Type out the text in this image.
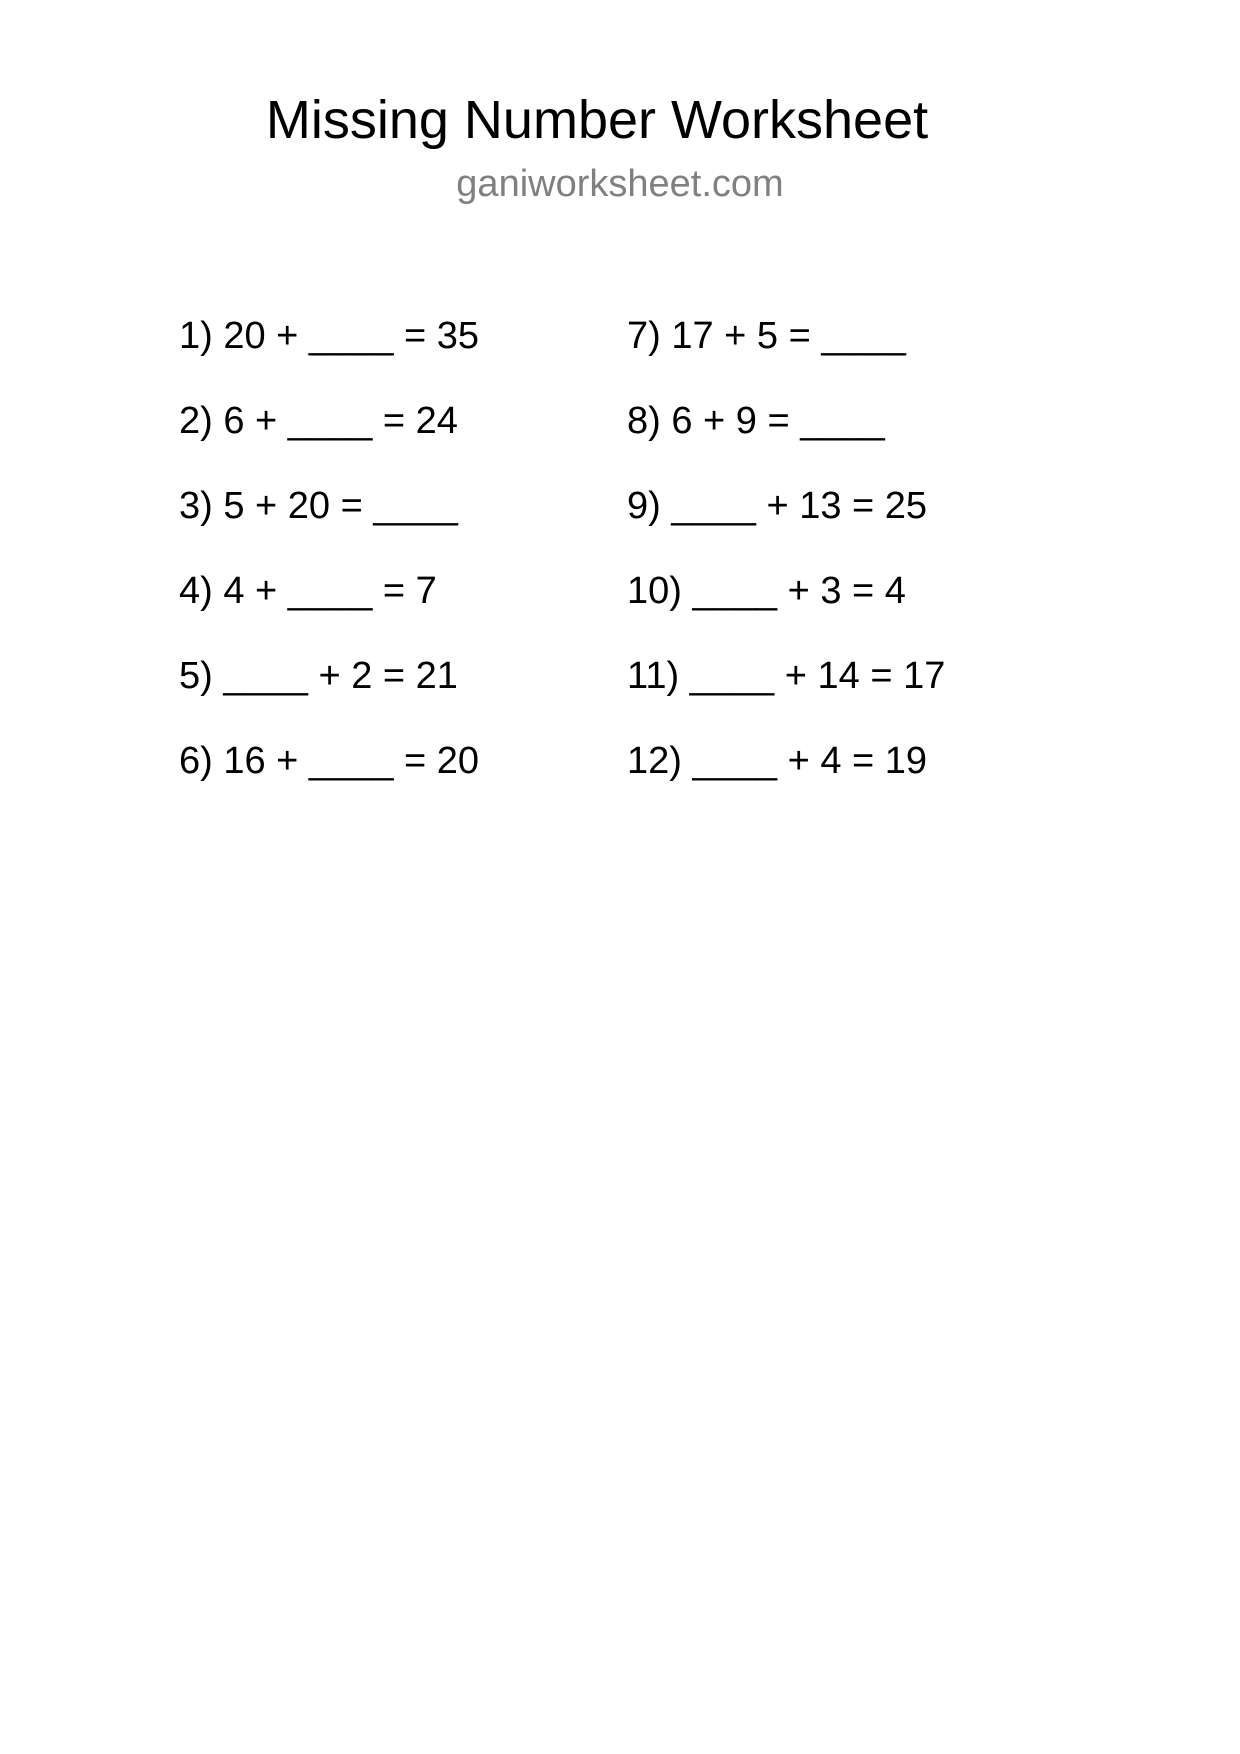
Missing Number Worksheet
ganiworksheet.com
1) 20 + ____ = 35
2) 6 + ____ = 24
3) 5 + 20 = ____
4) 4 + ____ = 7
5) ____ + 2 = 21
6) 16 + ____ = 20
7) 17 + 5 = ____
8) 6 + 9 = ____
9) ____ + 13 = 25
10) ____ + 3 = 4
11) ____ + 14 = 17
12) ____ + 4 = 19
